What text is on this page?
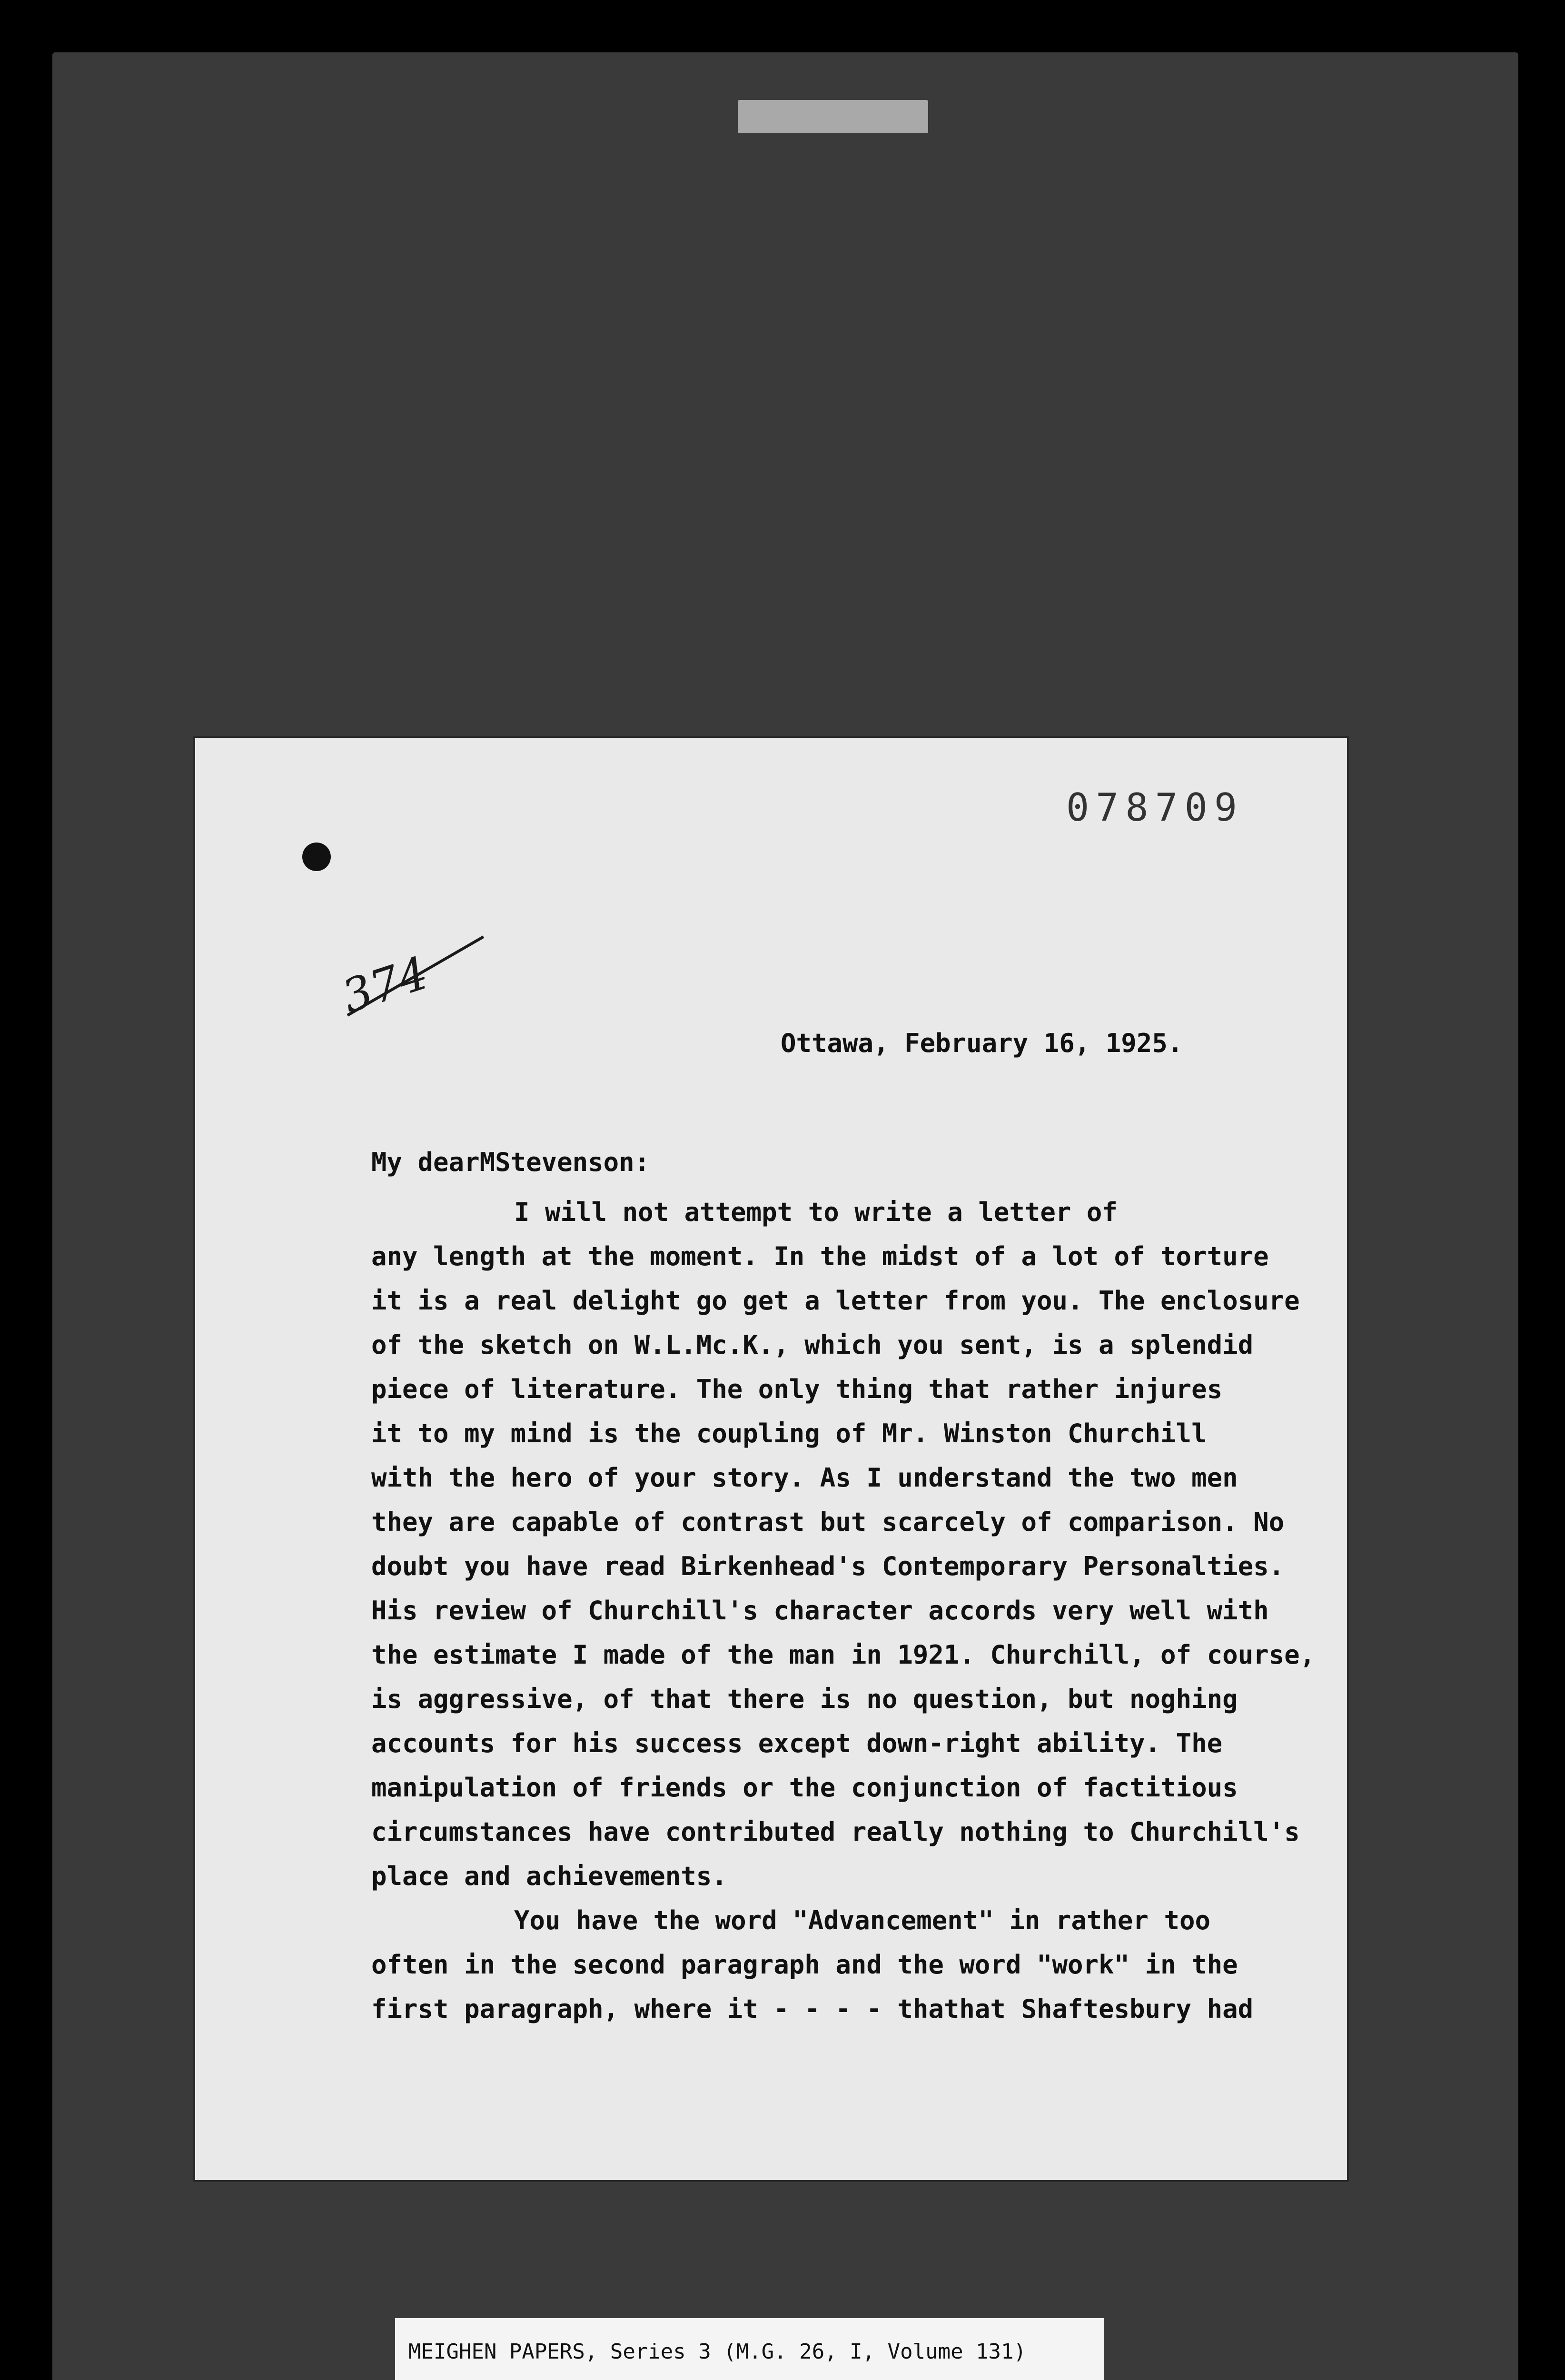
078709
374
Ottawa, February 16, 1925.
My dearMStevenson:
I will not attempt to write a letter of
any length at the moment. In the midst of a lot of torture
it is a real delight go get a letter from you. The enclosure
of the sketch on W.L.Mc.K., which you sent, is a splendid
piece of literature. The only thing that rather injures
it to my mind is the coupling of Mr. Winston Churchill
with the hero of your story. As I understand the two men
they are capable of contrast but scarcely of comparison. No
doubt you have read Birkenhead's Contemporary Personalties.
His review of Churchill's character accords very well with
the estimate I made of the man in 1921. Churchill, of course,
is aggressive, of that there is no question, but noghing
accounts for his success except down-right ability. The
manipulation of friends or the conjunction of factitious
circumstances have contributed really nothing to Churchill's
place and achievements.
You have the word "Advancement" in rather too
often in the second paragraph and the word "work" in the
first paragraph, where it - - - - thathat Shaftesbury had
MEIGHEN PAPERS, Series 3 (M.G. 26, I, Volume 131)
